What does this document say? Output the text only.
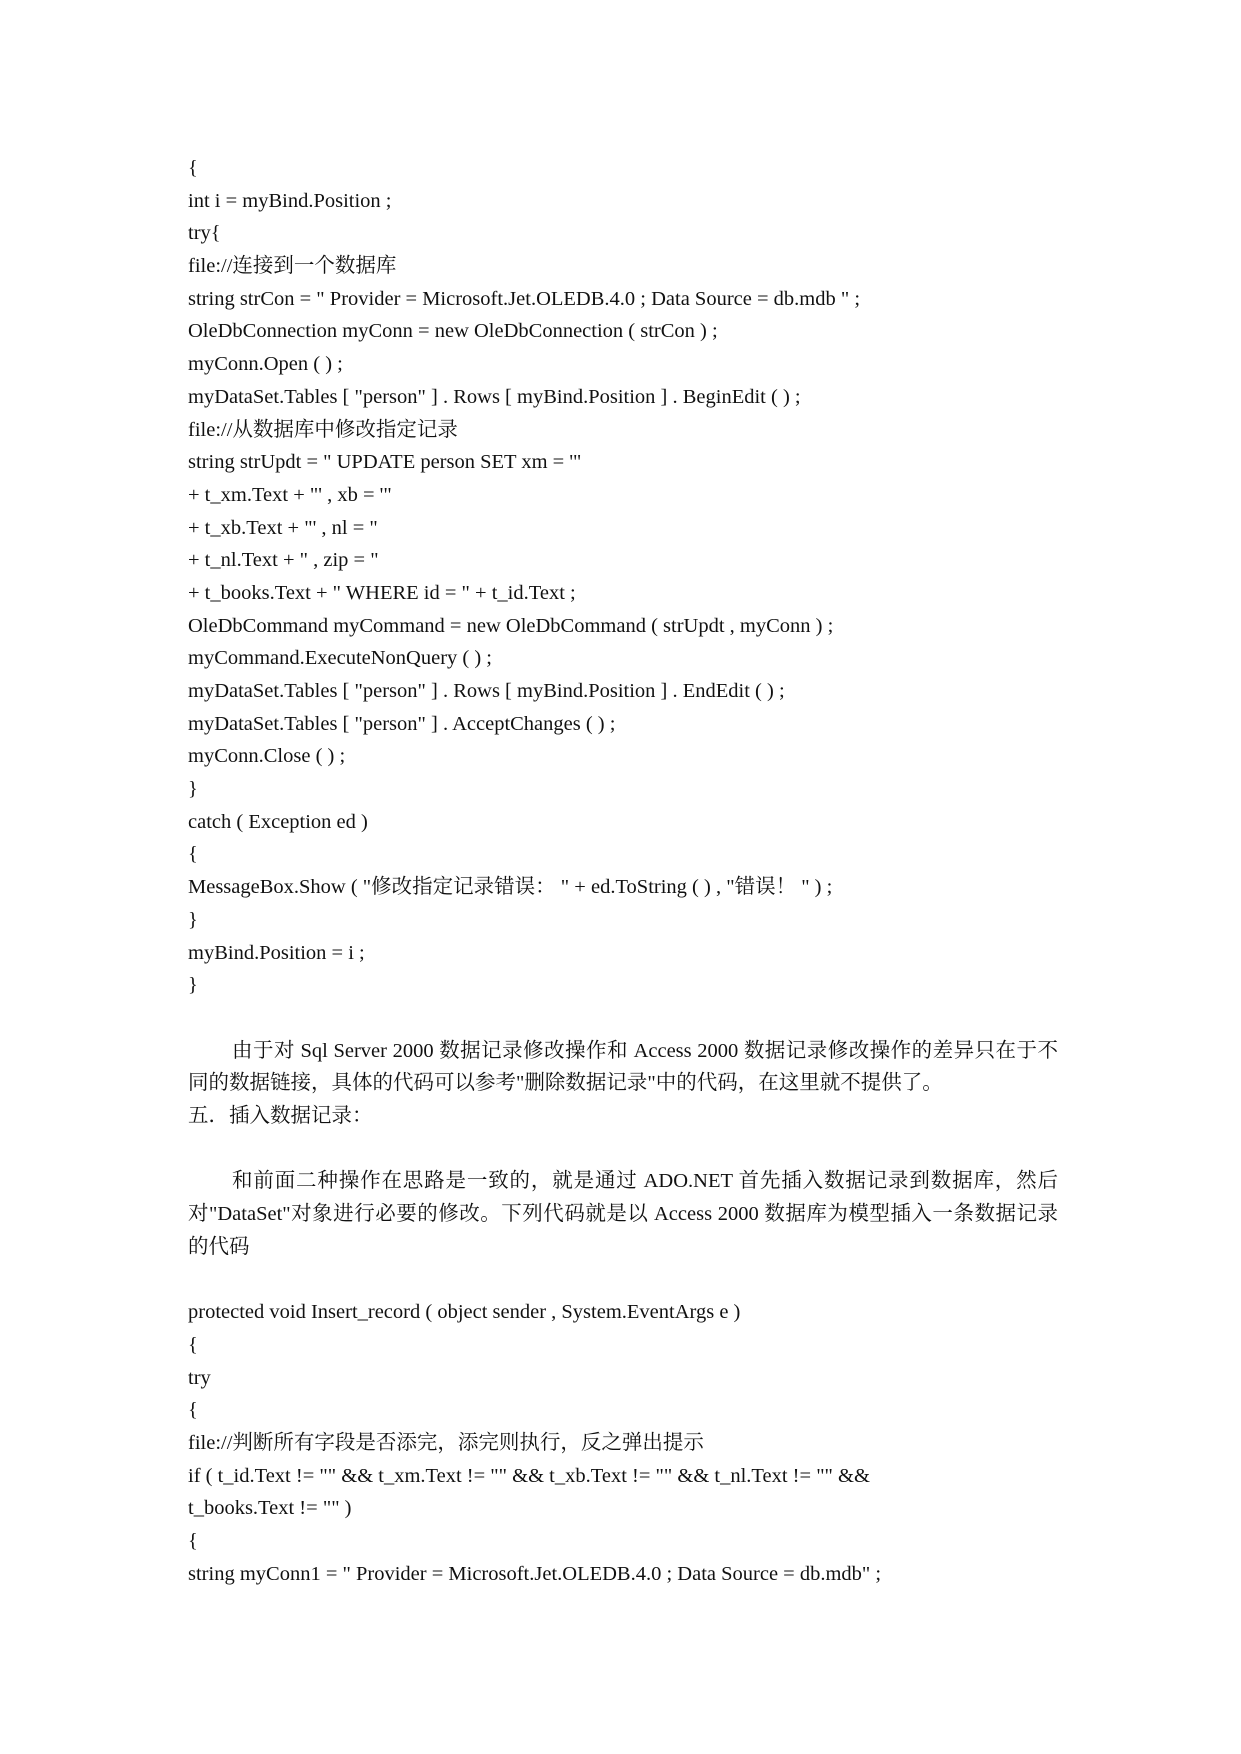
{
int i = myBind.Position ;
try{
file://连接到一个数据库
string strCon = " Provider = Microsoft.Jet.OLEDB.4.0 ; Data Source = db.mdb " ;
OleDbConnection myConn = new OleDbConnection ( strCon ) ;
myConn.Open ( ) ;
myDataSet.Tables [ "person" ] . Rows [ myBind.Position ] . BeginEdit ( ) ;
file://从数据库中修改指定记录
string strUpdt = " UPDATE person SET xm = '"
+ t_xm.Text + "' , xb = '"
+ t_xb.Text + "' , nl = "
+ t_nl.Text + " , zip = "
+ t_books.Text + " WHERE id = " + t_id.Text ;
OleDbCommand myCommand = new OleDbCommand ( strUpdt , myConn ) ;
myCommand.ExecuteNonQuery ( ) ;
myDataSet.Tables [ "person" ] . Rows [ myBind.Position ] . EndEdit ( ) ;
myDataSet.Tables [ "person" ] . AcceptChanges ( ) ;
myConn.Close ( ) ;
}
catch ( Exception ed )
{
MessageBox.Show ( "修改指定记录错误： " + ed.ToString ( ) , "错误！ " ) ;
}
myBind.Position = i ;
}

由于对 Sql Server 2000 数据记录修改操作和 Access 2000 数据记录修改操作的差异只在于不同的数据链接，具体的代码可以参考"删除数据记录"中的代码，在这里就不提供了。

五．插入数据记录：

和前面二种操作在思路是一致的，就是通过 ADO.NET 首先插入数据记录到数据库，然后对"DataSet"对象进行必要的修改。下列代码就是以 Access 2000 数据库为模型插入一条数据记录的代码

protected void Insert_record ( object sender , System.EventArgs e )
{
try
{
file://判断所有字段是否添完，添完则执行，反之弹出提示
if ( t_id.Text != "" && t_xm.Text != "" && t_xb.Text != "" && t_nl.Text != "" &&
t_books.Text != "" )
{
string myConn1 = " Provider = Microsoft.Jet.OLEDB.4.0 ; Data Source = db.mdb" ;
